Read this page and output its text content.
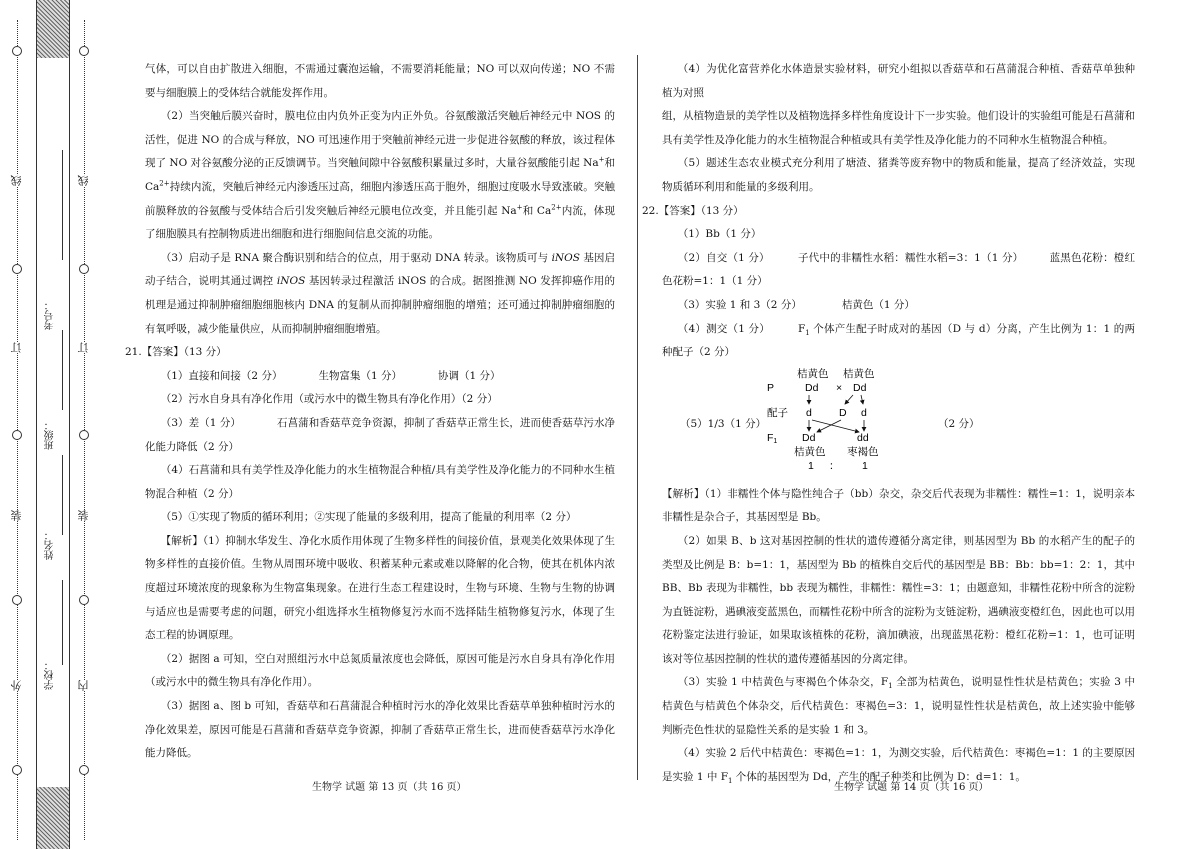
外
装
订
线
内
装
订
线
学校：
姓名：
班级：
考号：

气体，可以自由扩散进入细胞，不需通过囊泡运输，不需要消耗能量；NO 可以双向传递；NO 不需要与细胞膜上的受体结合就能发挥作用。

（2）当突触后膜兴奋时，膜电位由内负外正变为内正外负。谷氨酸激活突触后神经元中 NOS 的活性，促进 NO 的合成与释放，NO 可迅速作用于突触前神经元进一步促进谷氨酸的释放，该过程体现了 NO 对谷氨酸分泌的正反馈调节。当突触间隙中谷氨酸积累量过多时，大量谷氨酸能引起 Na+和 $Ca^{2+}$持续内流，突触后神经元内渗透压过高，细胞内渗透压高于胞外，细胞过度吸水导致涨破。突触前膜释放的谷氨酸与受体结合后引发突触后神经元膜电位改变，并且能引起 Na+和 $Ca^{2+}$内流，体现了细胞膜具有控制物质进出细胞和进行细胞间信息交流的功能。

（3）启动子是 RNA 聚合酶识别和结合的位点，用于驱动 DNA 转录。该物质可与 iNOS 基因启动子结合，说明其通过调控 iNOS 基因转录过程激活 iNOS 的合成。据图推测 NO 发挥抑癌作用的机理是通过抑制肿瘤细胞细胞核内 DNA 的复制从而抑制肿瘤细胞的增殖；还可通过抑制肿瘤细胞的有氧呼吸，减少能量供应，从而抑制肿瘤细胞增殖。

21.【答案】（13 分）

（1）直接和间接（2 分）	生物富集（1 分）	协调（1 分）

（2）污水自身具有净化作用（或污水中的微生物具有净化作用）（2 分）

（3）差（1 分）	石菖蒲和香菇草竞争资源，抑制了香菇草正常生长，进而使香菇草污水净化能力降低（2 分）

（4）石菖蒲和具有美学性及净化能力的水生植物混合种植/具有美学性及净化能力的不同种水生植物混合种植（2 分）

（5）①实现了物质的循环利用；②实现了能量的多级利用，提高了能量的利用率（2 分）

【解析】（1）抑制水华发生、净化水质作用体现了生物多样性的间接价值，景观美化效果体现了生物多样性的直接价值。生物从周围环境中吸收、积蓄某种元素或难以降解的化合物，使其在机体内浓度超过环境浓度的现象称为生物富集现象。在进行生态工程建设时，生物与环境、生物与生物的协调与适应也是需要考虑的问题，研究小组选择水生植物修复污水而不选择陆生植物修复污水，体现了生态工程的协调原理。

（2）据图 a 可知，空白对照组污水中总氮质量浓度也会降低，原因可能是污水自身具有净化作用（或污水中的微生物具有净化作用）。

（3）据图 a、图 b 可知，香菇草和石菖蒲混合种植时污水的净化效果比香菇草单独种植时污水的净化效果差，原因可能是石菖蒲和香菇草竞争资源，抑制了香菇草正常生长，进而使香菇草污水净化能力降低。

（4）为优化富营养化水体造景实验材料，研究小组拟以香菇草和石菖蒲混合种植、香菇草单独种植为对照

组，从植物造景的美学性以及植物选择多样性角度设计下一步实验。他们设计的实验组可能是石菖蒲和具有美学性及净化能力的水生植物混合种植或具有美学性及净化能力的不同种水生植物混合种植。

（5）题述生态农业模式充分利用了塘渣、猪粪等废弃物中的物质和能量，提高了经济效益，实现物质循环利用和能量的多级利用。

22.【答案】（13 分）

（1）Bb（1 分）

（2）自交（1 分）	子代中的非糯性水稻：糯性水稻=3：1（1 分） 蓝黑色花粉：橙红色花粉=1：1（1 分）

（3）实验 1 和 3（2 分）	桔黄色（1 分）

（4）测交（1 分）	$F_1$ 个体产生配子时成对的基因（D 与 d）分离，产生比例为 1：1 的两种配子（2 分）

（5）1/3（1 分）
桔黄色 桔黄色
P	Dd × Dd
配子 d	D d
F1 Dd	dd
桔黄色 枣褐色
1 ： 1
（2 分）

【解析】（1）非糯性个体与隐性纯合子（bb）杂交，杂交后代表现为非糯性：糯性=1：1，说明亲本非糯性是杂合子，其基因型是 Bb。

（2）如果 B、b 这对基因控制的性状的遗传遵循分离定律，则基因型为 Bb 的水稻产生的配子的类型及比例是 B：b=1：1，基因型为 Bb 的植株自交后代的基因型是 BB：Bb：bb=1：2：1，其中 BB、Bb 表现为非糯性，bb 表现为糯性，非糯性：糯性=3：1；由题意知，非糯性花粉中所含的淀粉为直链淀粉，遇碘液变蓝黑色，而糯性花粉中所含的淀粉为支链淀粉，遇碘液变橙红色，因此也可以用花粉鉴定法进行验证，如果取该植株的花粉，滴加碘液，出现蓝黑花粉：橙红花粉=1：1，也可证明该对等位基因控制的性状的遗传遵循基因的分离定律。

（3）实验 1 中桔黄色与枣褐色个体杂交，$F_1$ 全部为桔黄色，说明显性性状是桔黄色；实验 3 中桔黄色与桔黄色个体杂交，后代桔黄色：枣褐色=3：1，说明显性性状是桔黄色，故上述实验中能够判断壳色性状的显隐性关系的是实验 1 和 3。

（4）实验 2 后代中桔黄色：枣褐色=1：1，为测交实验，后代桔黄色：枣褐色=1：1 的主要原因是实验 1 中 $F_1$ 个体的基因型为 Dd，产生的配子种类和比例为 D：d=1：1。

生物学 试题 第 13 页（共 16 页）	生物学 试题 第 14 页（共 16 页）
